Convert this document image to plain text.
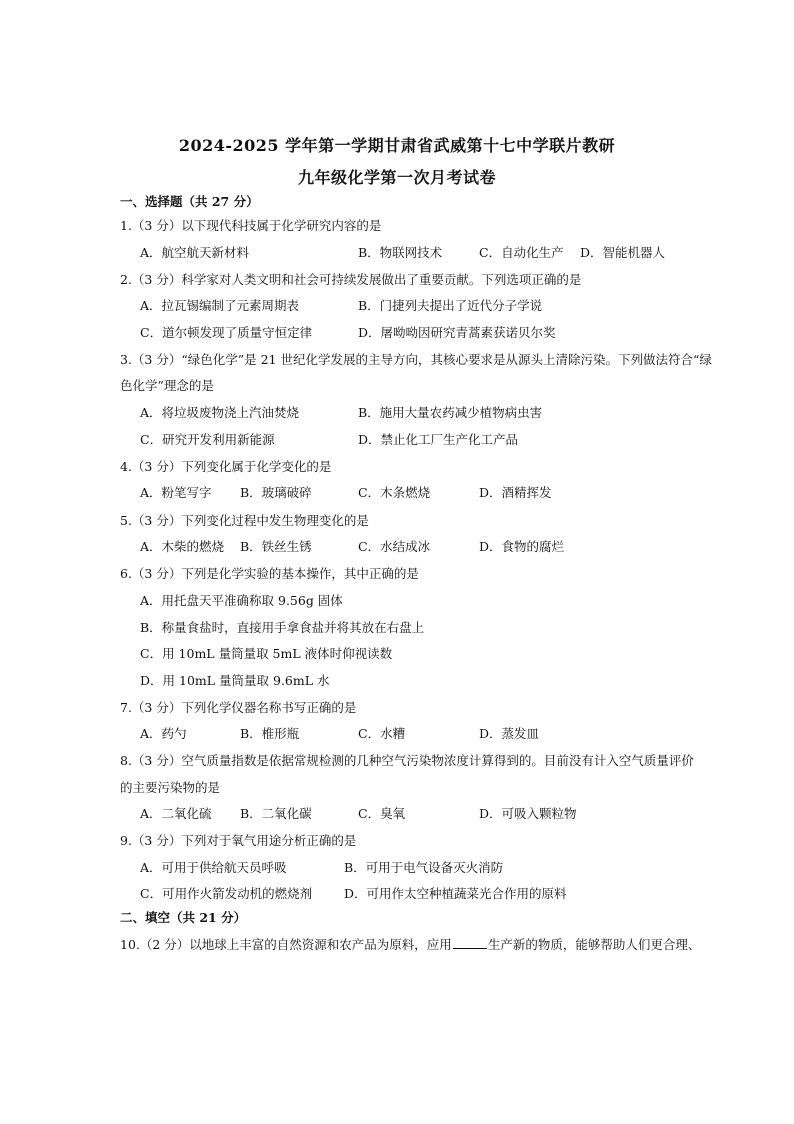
2024-2025 学年第一学期甘肃省武威第十七中学联片教研
九年级化学第一次月考试卷
一、选择题（共 27 分）
1.（3 分）以下现代科技属于化学研究内容的是
A．航空航天新材料	B．物联网技术	C．自动化生产 D．智能机器人
2.（3 分）科学家对人类文明和社会可持续发展做出了重要贡献。下列选项正确的是
A．拉瓦锡编制了元素周期表	B．门捷列夫提出了近代分子学说
C．道尔顿发现了质量守恒定律	D．屠呦呦因研究青蒿素获诺贝尔奖
3.（3 分）“绿色化学”是 21 世纪化学发展的主导方向，其核心要求是从源头上清除污染。下列做法符合“绿
色化学”理念的是
A．将垃圾废物浇上汽油焚烧	B．施用大量农药减少植物病虫害
C．研究开发利用新能源	D．禁止化工厂生产化工产品
4.（3 分）下列变化属于化学变化的是
A．粉笔写字 B．玻璃破碎	C．木条燃烧	D．酒精挥发
5.（3 分）下列变化过程中发生物理变化的是
A．木柴的燃烧 B．铁丝生锈	C．水结成冰	D．食物的腐烂
6.（3 分）下列是化学实验的基本操作，其中正确的是
A．用托盘天平准确称取 9.56g 固体
B．称量食盐时，直接用手拿食盐并将其放在右盘上
C．用 10mL 量筒量取 5mL 液体时仰视读数
D．用 10mL 量筒量取 9.6mL 水
7.（3 分）下列化学仪器名称书写正确的是
A．药勺	B．椎形瓶	C．水糟	D．蒸发皿
8.（3 分）空气质量指数是依据常规检测的几种空气污染物浓度计算得到的。目前没有计入空气质量评价
的主要污染物的是
A．二氧化硫 B．二氧化碳	C．臭氧	D．可吸入颗粒物
9.（3 分）下列对于氧气用途分析正确的是
A．可用于供给航天员呼吸	B．可用于电气设备灭火消防
C．可用作火箭发动机的燃烧剂	D．可用作太空种植蔬菜光合作用的原料
二、填空（共 21 分）
10.（2 分）以地球上丰富的自然资源和农产品为原料，应用	生产新的物质，能够帮助人们更合理、
